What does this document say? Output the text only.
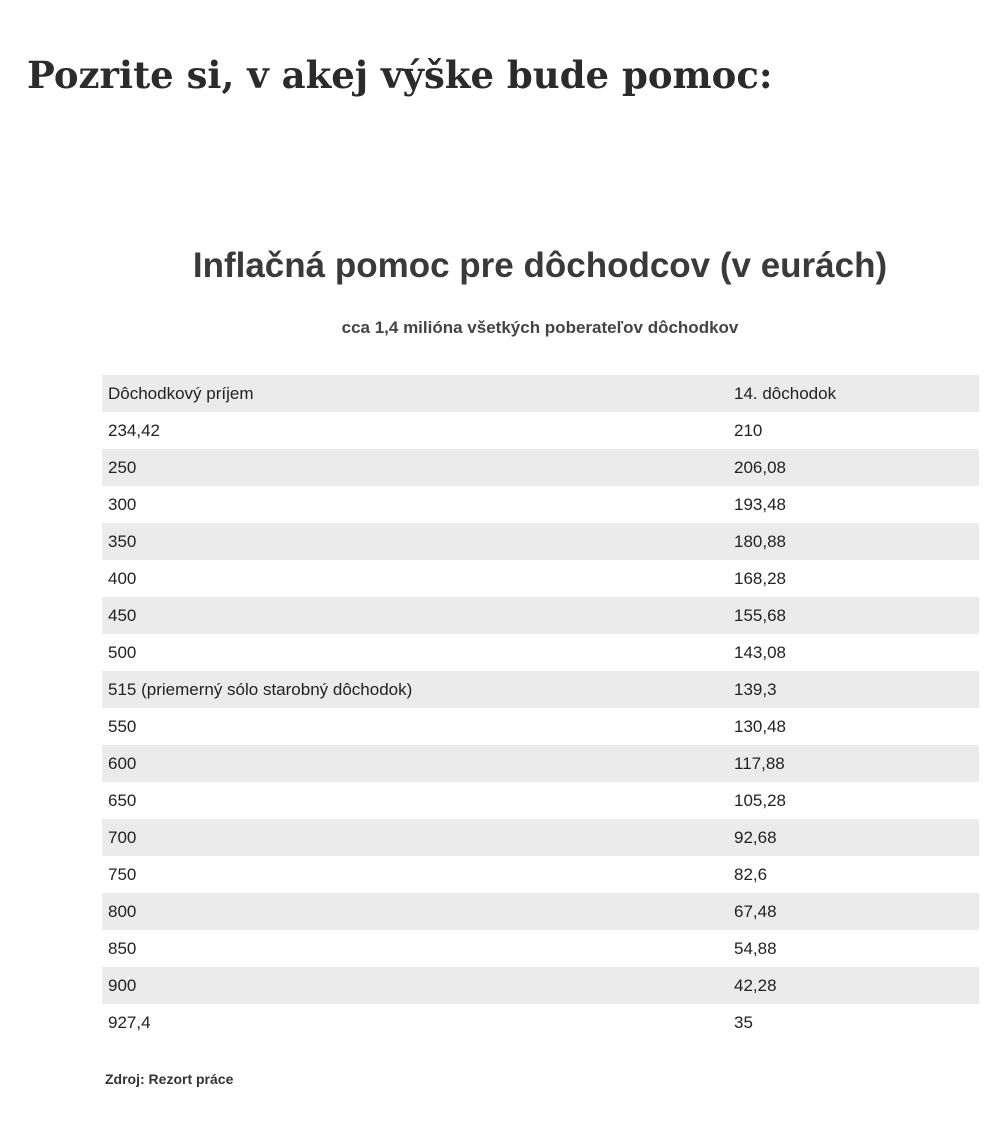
Pozrite si, v akej výške bude pomoc:
Inflačná pomoc pre dôchodcov (v eurách)
cca 1,4 milióna všetkých poberateľov dôchodkov
Dôchodkový príjem	14. dôchodok
234,42	210
250	206,08
300	193,48
350	180,88
400	168,28
450	155,68
500	143,08
515 (priemerný sólo starobný dôchodok)	139,3
550	130,48
600	117,88
650	105,28
700	92,68
750	82,6
800	67,48
850	54,88
900	42,28
927,4	35
Zdroj: Rezort práce
